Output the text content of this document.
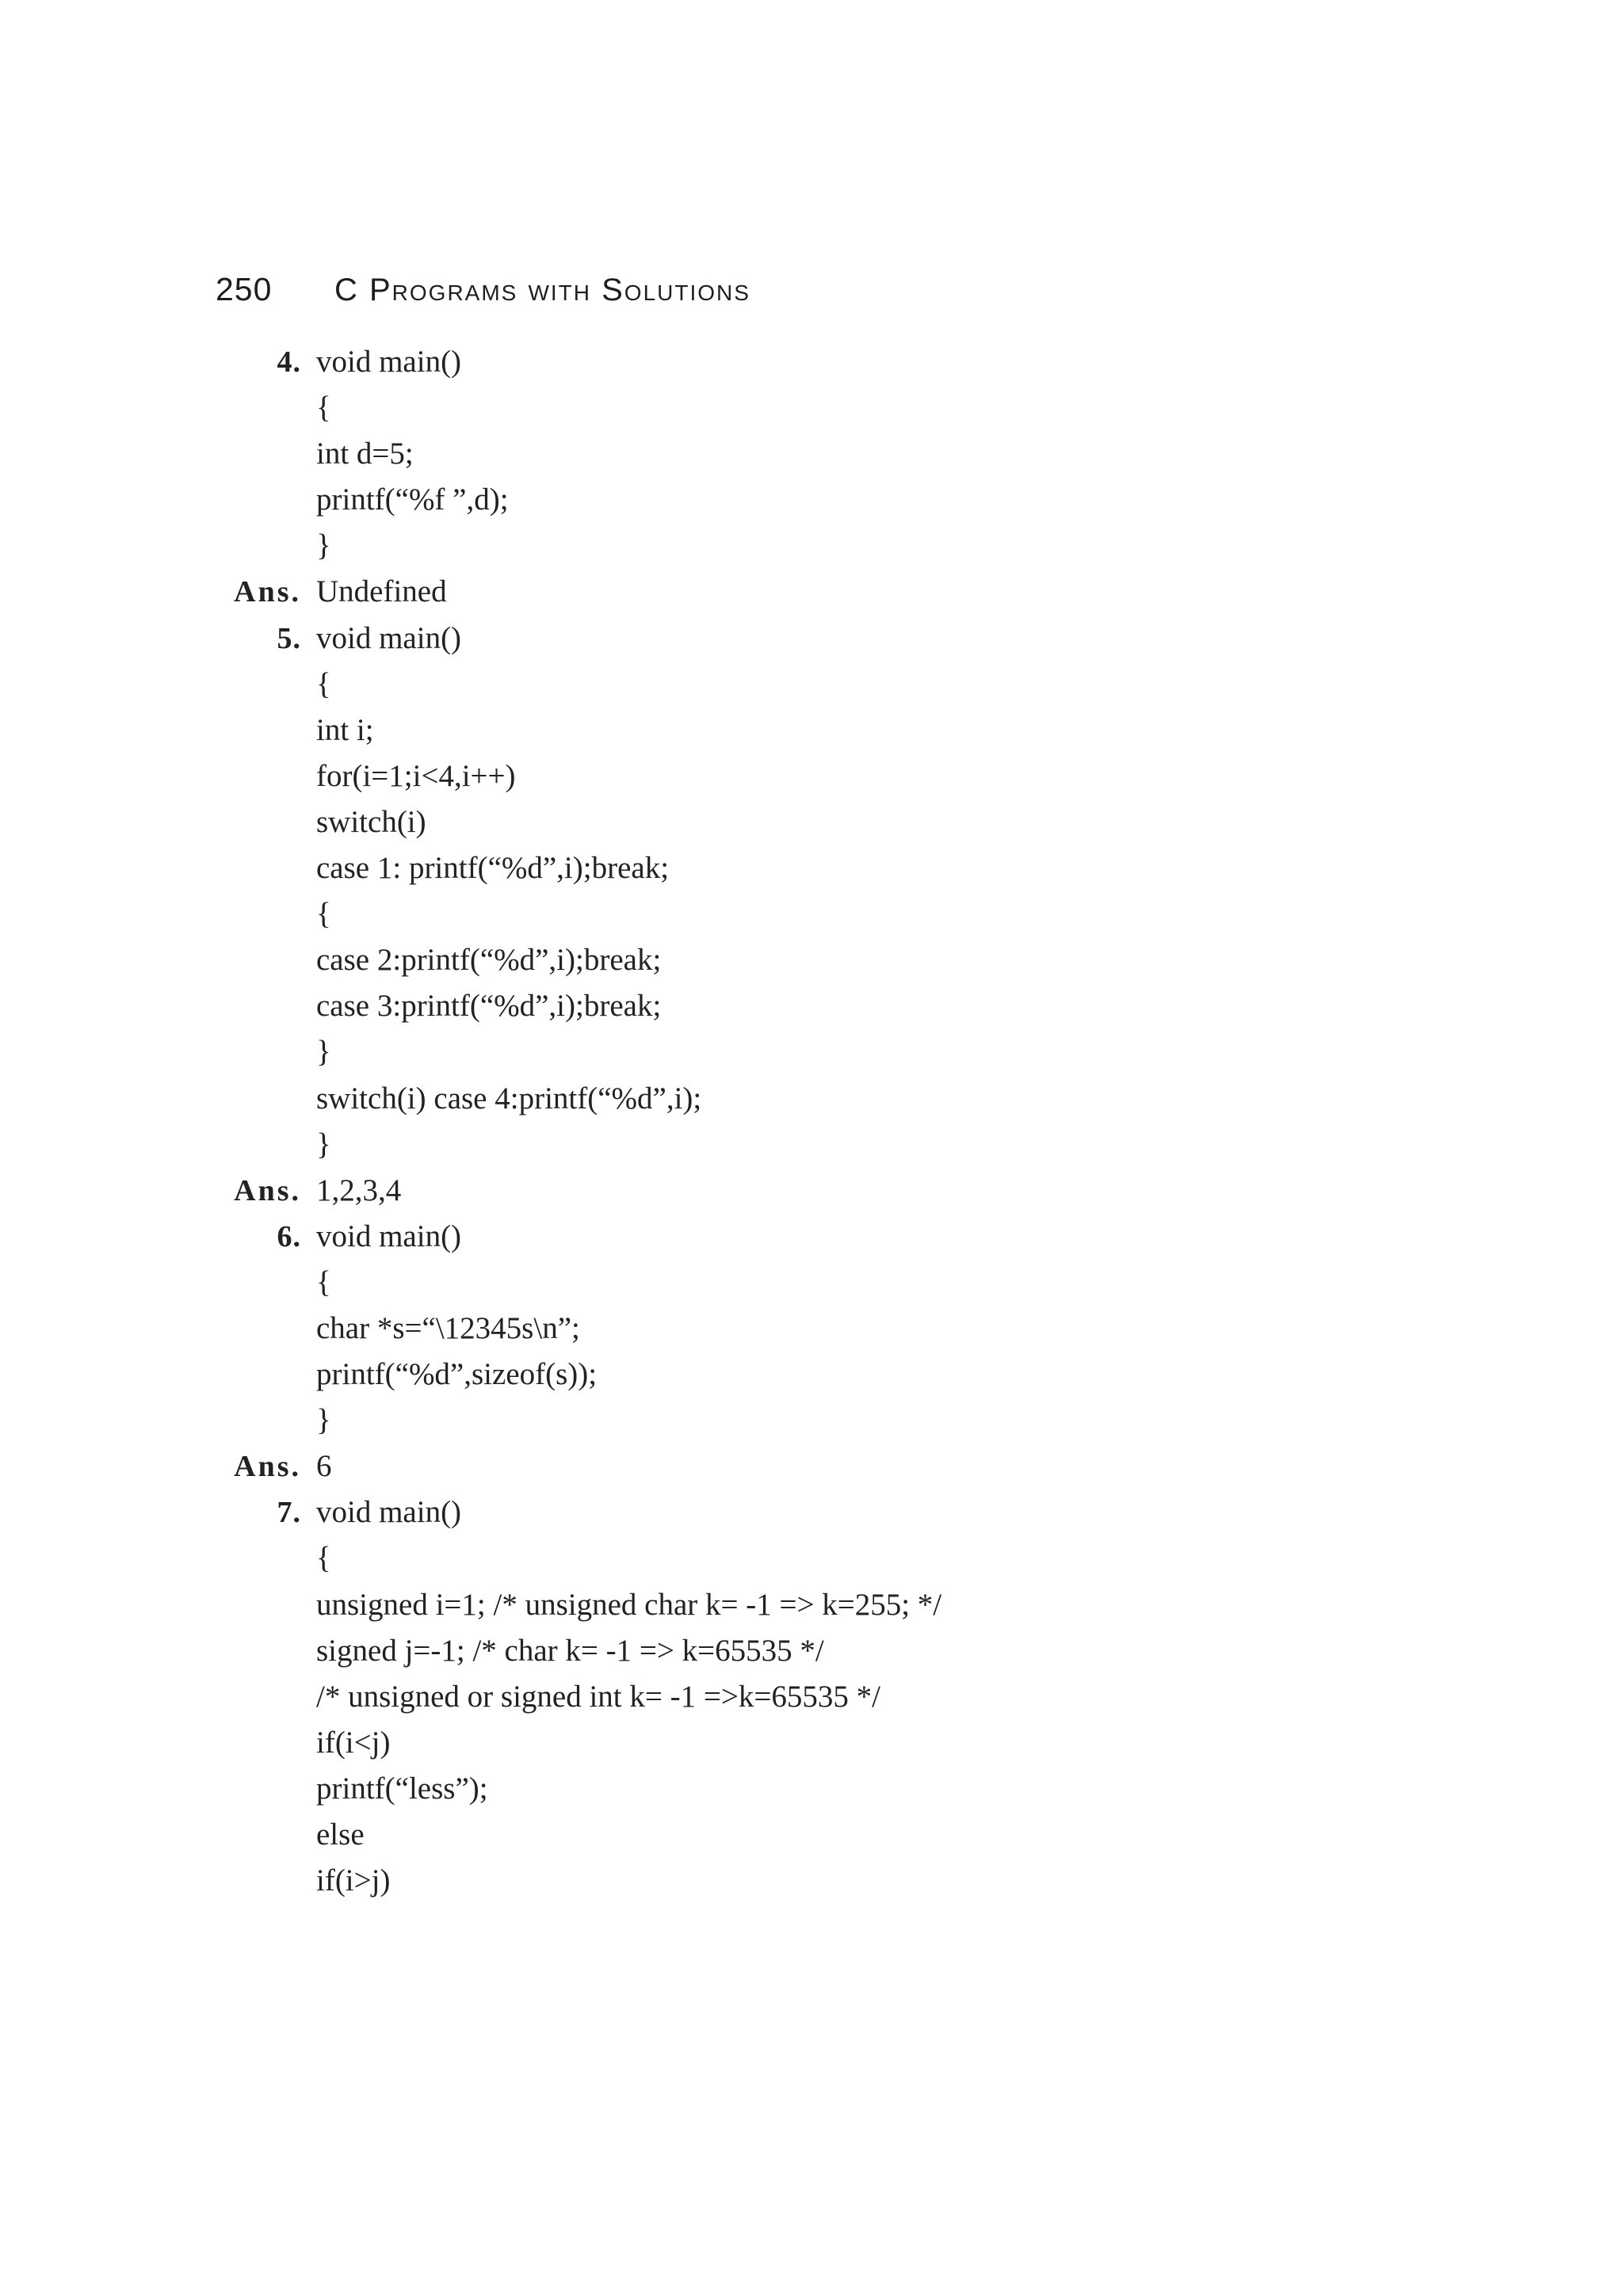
250	C Programs with Solutions
4. void main()
{
int d=5;
printf(“%f ”,d);
}
Ans. Undefined
5. void main()
{
int i;
for(i=1;i<4,i++)
switch(i)
case 1: printf(“%d”,i);break;
{
case 2:printf(“%d”,i);break;
case 3:printf(“%d”,i);break;
}
switch(i) case 4:printf(“%d”,i);
}
Ans. 1,2,3,4
6. void main()
{
char *s=“\12345s\n”;
printf(“%d”,sizeof(s));
}
Ans. 6
7. void main()
{
unsigned i=1; /* unsigned char k= -1 => k=255; */
signed j=-1; /* char k= -1 => k=65535 */
/* unsigned or signed int k= -1 =>k=65535 */
if(i<j)
printf(“less”);
else
if(i>j)
